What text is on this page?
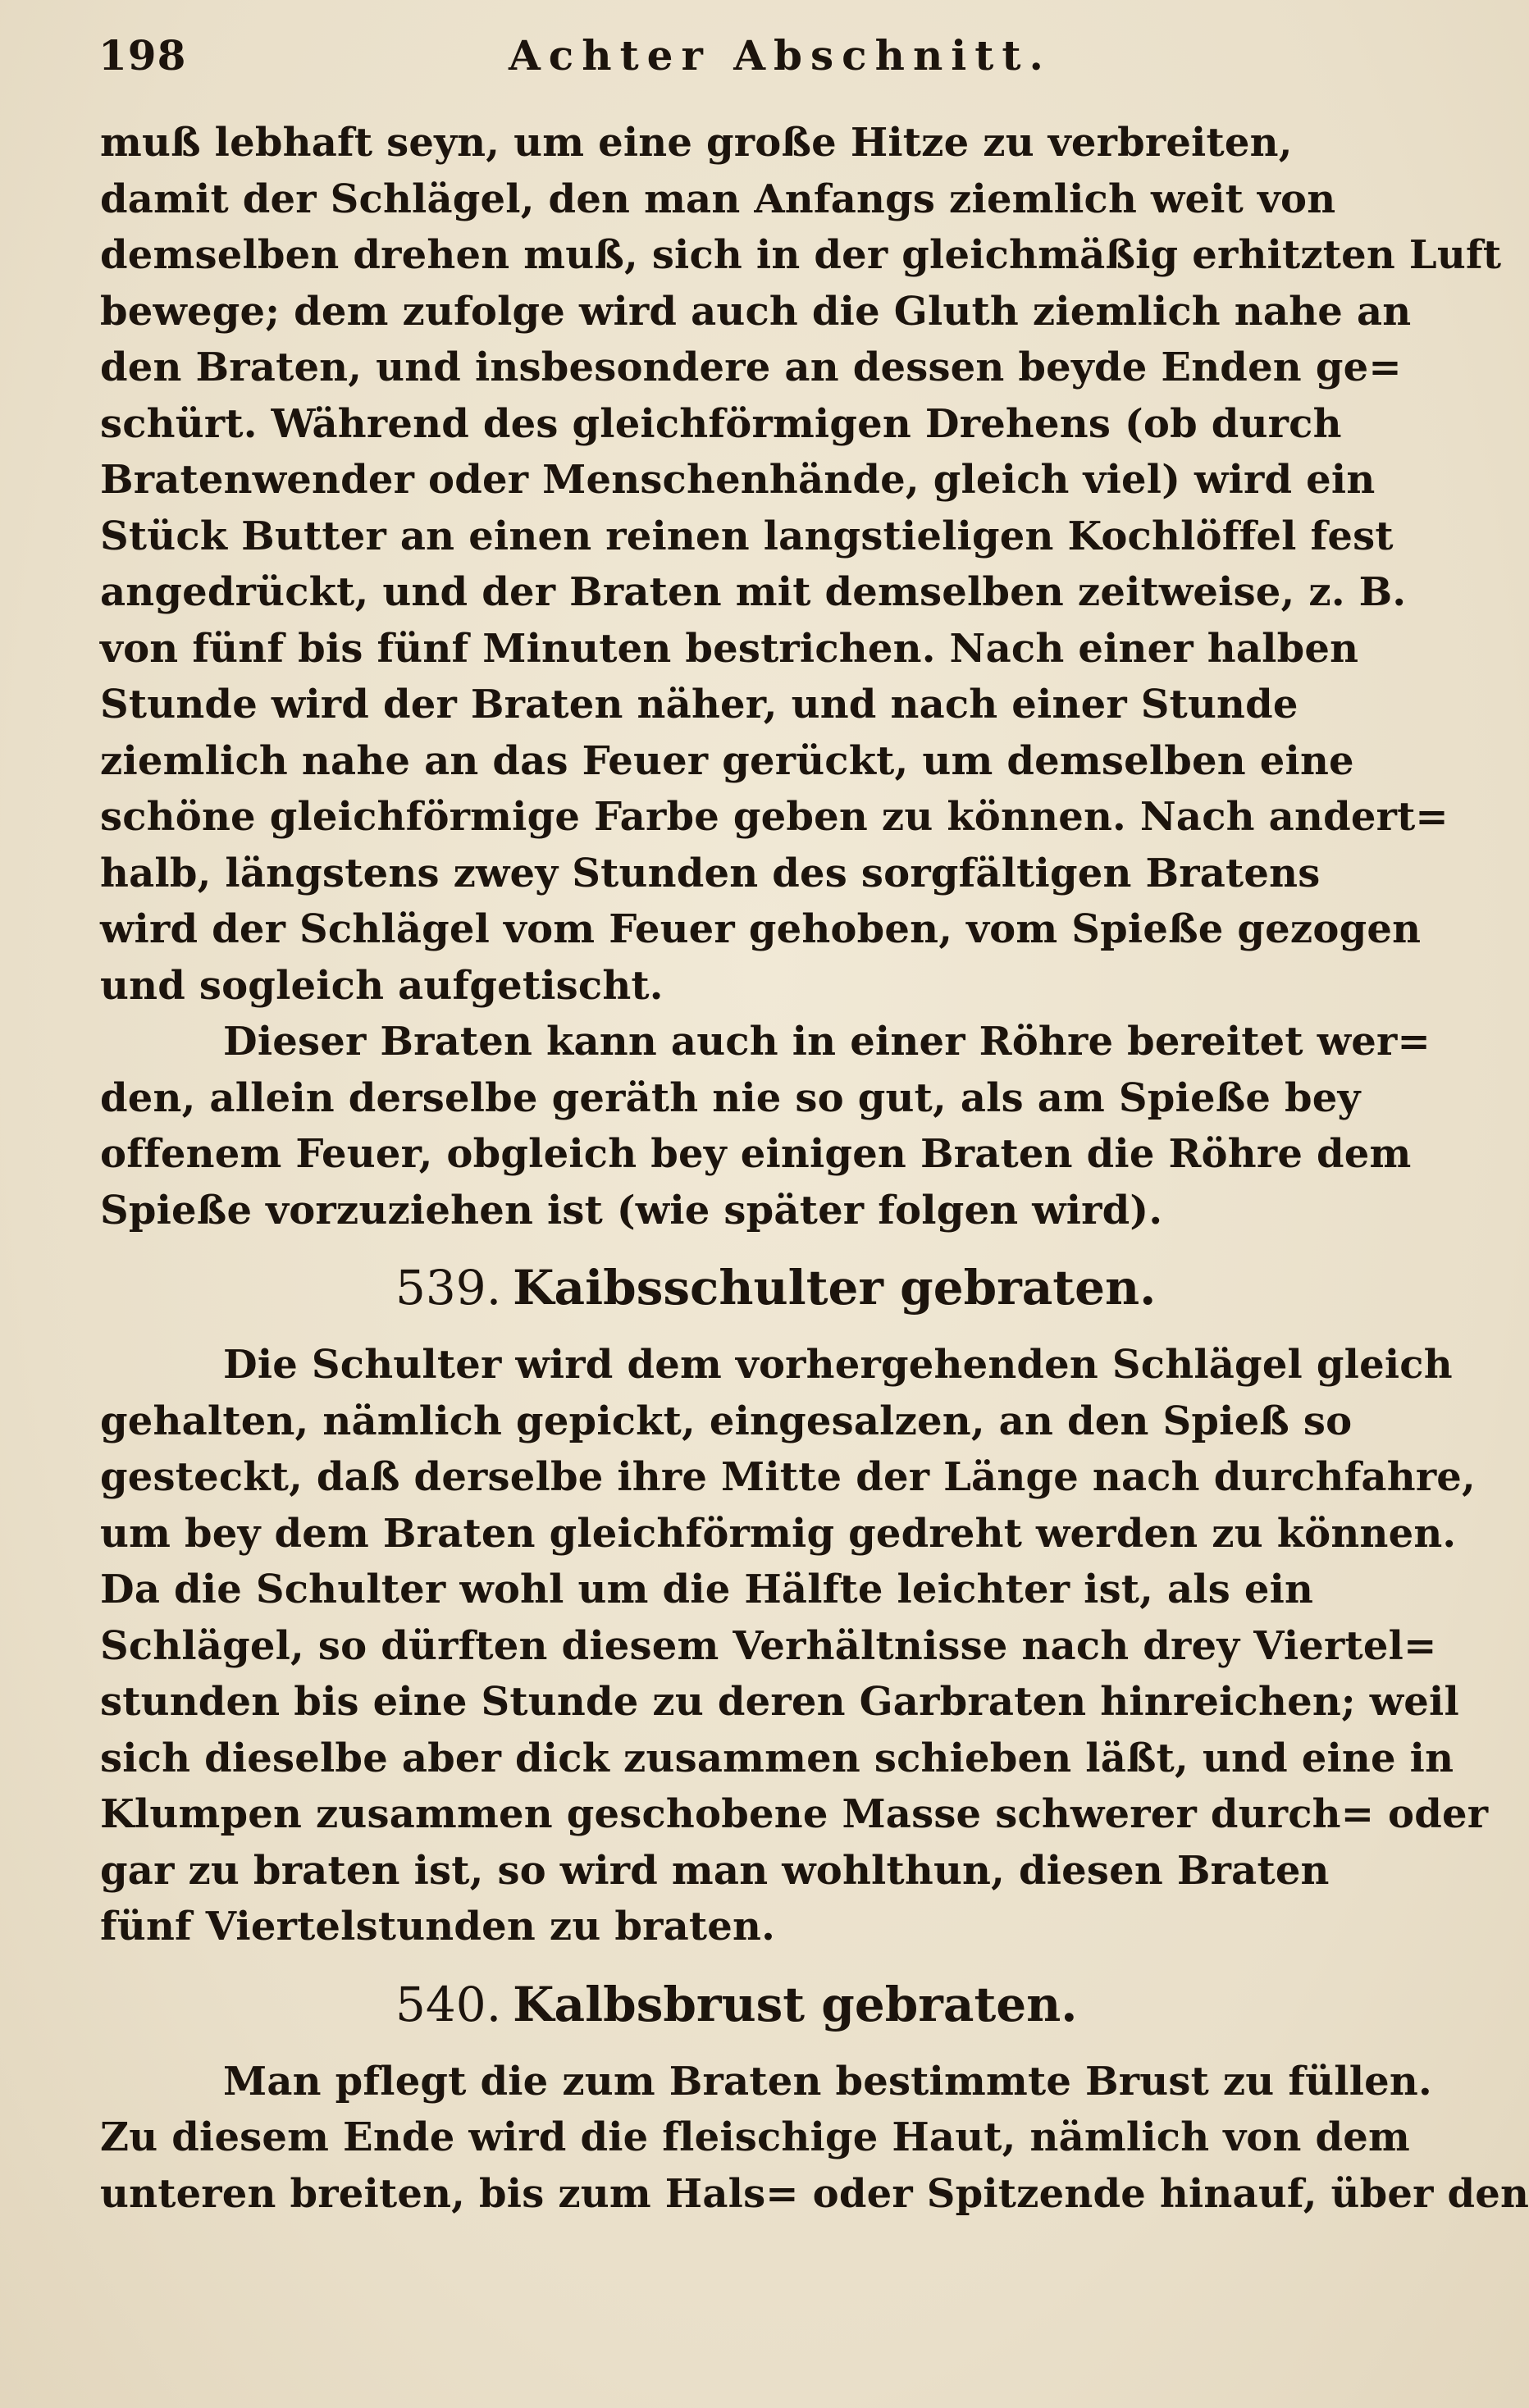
198	Achter Abschnitt.
muß lebhaft seyn, um eine große Hitze zu verbreiten,
damit der Schlägel, den man Anfangs ziemlich weit von
demselben drehen muß, sich in der gleichmäßig erhitzten Luft
bewege; dem zufolge wird auch die Gluth ziemlich nahe an
den Braten, und insbesondere an dessen beyde Enden ge=
schürt. Während des gleichförmigen Drehens (ob durch
Bratenwender oder Menschenhände, gleich viel) wird ein
Stück Butter an einen reinen langstieligen Kochlöffel fest
angedrückt, und der Braten mit demselben zeitweise, z. B.
von fünf bis fünf Minuten bestrichen. Nach einer halben
Stunde wird der Braten näher, und nach einer Stunde
ziemlich nahe an das Feuer gerückt, um demselben eine
schöne gleichförmige Farbe geben zu können. Nach andert=
halb, längstens zwey Stunden des sorgfältigen Bratens
wird der Schlägel vom Feuer gehoben, vom Spieße gezogen
und sogleich aufgetischt.
Dieser Braten kann auch in einer Röhre bereitet wer=
den, allein derselbe geräth nie so gut, als am Spieße bey
offenem Feuer, obgleich bey einigen Braten die Röhre dem
Spieße vorzuziehen ist (wie später folgen wird).
539. Kaibsschulter gebraten.
Die Schulter wird dem vorhergehenden Schlägel gleich
gehalten, nämlich gepickt, eingesalzen, an den Spieß so
gesteckt, daß derselbe ihre Mitte der Länge nach durchfahre,
um bey dem Braten gleichförmig gedreht werden zu können.
Da die Schulter wohl um die Hälfte leichter ist, als ein
Schlägel, so dürften diesem Verhältnisse nach drey Viertel=
stunden bis eine Stunde zu deren Garbraten hinreichen; weil
sich dieselbe aber dick zusammen schieben läßt, und eine in
Klumpen zusammen geschobene Masse schwerer durch= oder
gar zu braten ist, so wird man wohlthun, diesen Braten
fünf Viertelstunden zu braten.
540. Kalbsbrust gebraten.
Man pflegt die zum Braten bestimmte Brust zu füllen.
Zu diesem Ende wird die fleischige Haut, nämlich von dem
unteren breiten, bis zum Hals= oder Spitzende hinauf, über den
